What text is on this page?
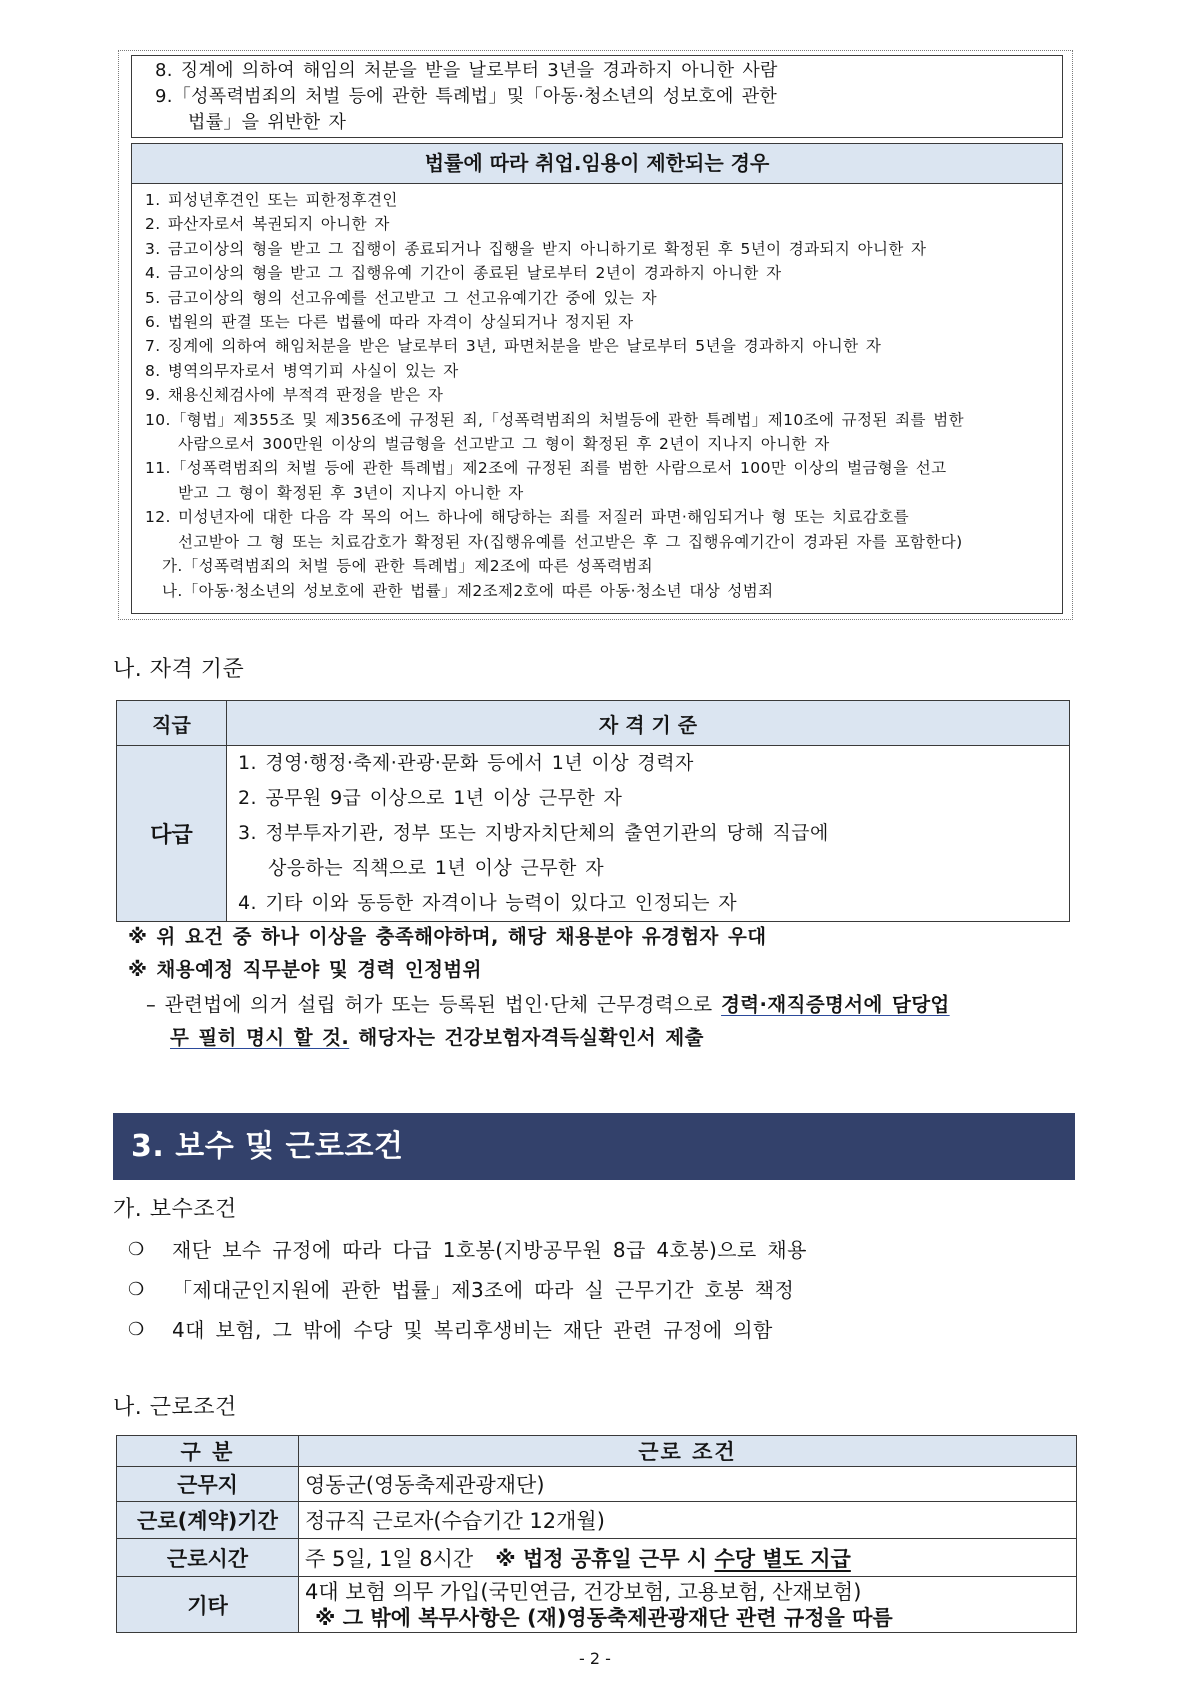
8. 징계에 의하여 해임의 처분을 받을 날로부터 3년을 경과하지 아니한 사람
9.「성폭력범죄의 처벌 등에 관한 특례법」및「아동·청소년의 성보호에 관한
법률」을 위반한 자
법률에 따라 취업.임용이 제한되는 경우
1. 피성년후견인 또는 피한정후견인
2. 파산자로서 복권되지 아니한 자
3. 금고이상의 형을 받고 그 집행이 종료되거나 집행을 받지 아니하기로 확정된 후 5년이 경과되지 아니한 자
4. 금고이상의 형을 받고 그 집행유예 기간이 종료된 날로부터 2년이 경과하지 아니한 자
5. 금고이상의 형의 선고유예를 선고받고 그 선고유예기간 중에 있는 자
6. 법원의 판결 또는 다른 법률에 따라 자격이 상실되거나 정지된 자
7. 징계에 의하여 해임처분을 받은 날로부터 3년, 파면처분을 받은 날로부터 5년을 경과하지 아니한 자
8. 병역의무자로서 병역기피 사실이 있는 자
9. 채용신체검사에 부적격 판정을 받은 자
10.「형법」제355조 및 제356조에 규정된 죄,「성폭력범죄의 처벌등에 관한 특례법」제10조에 규정된 죄를 범한
사람으로서 300만원 이상의 벌금형을 선고받고 그 형이 확정된 후 2년이 지나지 아니한 자
11.「성폭력범죄의 처벌 등에 관한 특례법」제2조에 규정된 죄를 범한 사람으로서 100만 이상의 벌금형을 선고
받고 그 형이 확정된 후 3년이 지나지 아니한 자
12. 미성년자에 대한 다음 각 목의 어느 하나에 해당하는 죄를 저질러 파면·해임되거나 형 또는 치료감호를
선고받아 그 형 또는 치료감호가 확정된 자(집행유예를 선고받은 후 그 집행유예기간이 경과된 자를 포함한다)
가.「성폭력범죄의 처벌 등에 관한 특례법」제2조에 따른 성폭력범죄
나.「아동·청소년의 성보호에 관한 법률」제2조제2호에 따른 아동·청소년 대상 성범죄
나. 자격 기준
직급	자 격 기 준
다급	1. 경영·행정·축제·관광·문화 등에서 1년 이상 경력자
2. 공무원 9급 이상으로 1년 이상 근무한 자
3. 정부투자기관, 정부 또는 지방자치단체의 출연기관의 당해 직급에
상응하는 직책으로 1년 이상 근무한 자
4. 기타 이와 동등한 자격이나 능력이 있다고 인정되는 자
※ 위 요건 중 하나 이상을 충족해야하며, 해당 채용분야 유경험자 우대
※ 채용예정 직무분야 및 경력 인정범위
– 관련법에 의거 설립 허가 또는 등록된 법인·단체 근무경력으로 경력·재직증명서에 담당업
무 필히 명시 할 것. 해당자는 건강보험자격득실확인서 제출
3. 보수 및 근로조건
가. 보수조건
❍	재단 보수 규정에 따라 다급 1호봉(지방공무원 8급 4호봉)으로 채용
❍	「제대군인지원에 관한 법률」제3조에 따라 실 근무기간 호봉 책정
❍	4대 보험, 그 밖에 수당 및 복리후생비는 재단 관련 규정에 의함
나. 근로조건
구 분	근로 조건
근무지	영동군(영동축제관광재단)
근로(계약)기간	정규직 근로자(수습기간 12개월)
근로시간	주 5일, 1일 8시간 ※ 법정 공휴일 근무 시 수당 별도 지급
기타	4대 보험 의무 가입(국민연금, 건강보험, 고용보험, 산재보험)
※ 그 밖에 복무사항은 (재)영동축제관광재단 관련 규정을 따름
- 2 -
